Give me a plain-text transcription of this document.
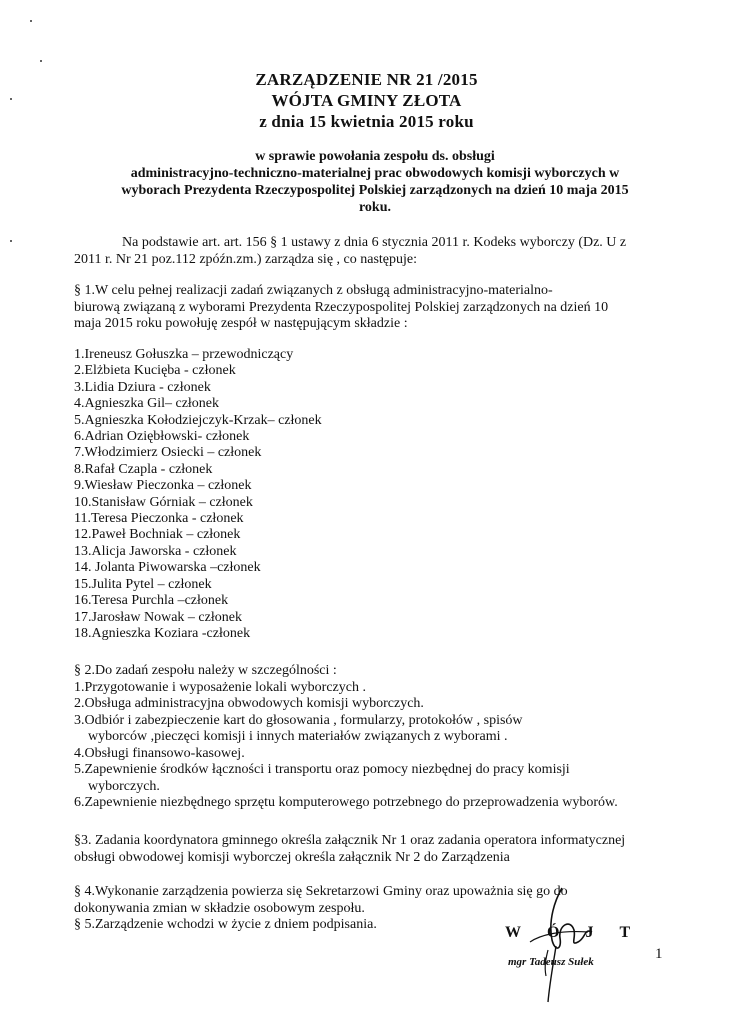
ZARZĄDZENIE NR 21 /2015
WÓJTA GMINY ZŁOTA
z dnia 15 kwietnia 2015 roku
w sprawie powołania zespołu ds. obsługi
administracyjno-techniczno-materialnej prac obwodowych komisji wyborczych w
wyborach Prezydenta Rzeczypospolitej Polskiej zarządzonych na dzień 10 maja 2015
roku.
Na podstawie art. art. 156 § 1 ustawy z dnia 6 stycznia 2011 r. Kodeks wyborczy (Dz. U z
2011 r. Nr 21 poz.112 zpóźn.zm.) zarządza się , co następuje:
§ 1.W celu pełnej realizacji zadań związanych z obsługą administracyjno-materialno-
biurową związaną z wyborami Prezydenta Rzeczypospolitej Polskiej zarządzonych na dzień 10
maja 2015 roku powołuję zespół w następującym składzie :
1.Ireneusz Gołuszka – przewodniczący
2.Elżbieta Kucięba - członek
3.Lidia Dziura - członek
4.Agnieszka Gil– członek
5.Agnieszka Kołodziejczyk-Krzak– członek
6.Adrian Oziębłowski- członek
7.Włodzimierz Osiecki – członek
8.Rafał Czapla - członek
9.Wiesław Pieczonka – członek
10.Stanisław Górniak – członek
11.Teresa Pieczonka - członek
12.Paweł Bochniak – członek
13.Alicja Jaworska - członek
14. Jolanta Piwowarska –członek
15.Julita Pytel – członek
16.Teresa Purchla –członek
17.Jarosław Nowak – członek
18.Agnieszka Koziara -członek
§ 2.Do zadań zespołu należy w szczególności :
1.Przygotowanie i wyposażenie lokali wyborczych .
2.Obsługa administracyjna obwodowych komisji wyborczych.
3.Odbiór i zabezpieczenie kart do głosowania , formularzy, protokołów , spisów
wyborców ,pieczęci komisji i innych materiałów związanych z wyborami .
4.Obsługi finansowo-kasowej.
5.Zapewnienie środków łączności i transportu oraz pomocy niezbędnej do pracy komisji
wyborczych.
6.Zapewnienie niezbędnego sprzętu komputerowego potrzebnego do przeprowadzenia wyborów.
§3. Zadania koordynatora gminnego określa załącznik Nr 1 oraz zadania operatora informatycznej
obsługi obwodowej komisji wyborczej określa załącznik Nr 2 do Zarządzenia
§ 4.Wykonanie zarządzenia powierza się Sekretarzowi Gminy oraz upoważnia się go do
dokonywania zmian w składzie osobowym zespołu.
§ 5.Zarządzenie wchodzi w życie z dniem podpisania.	WÓJT
mgr Tadeusz Sułek	1
